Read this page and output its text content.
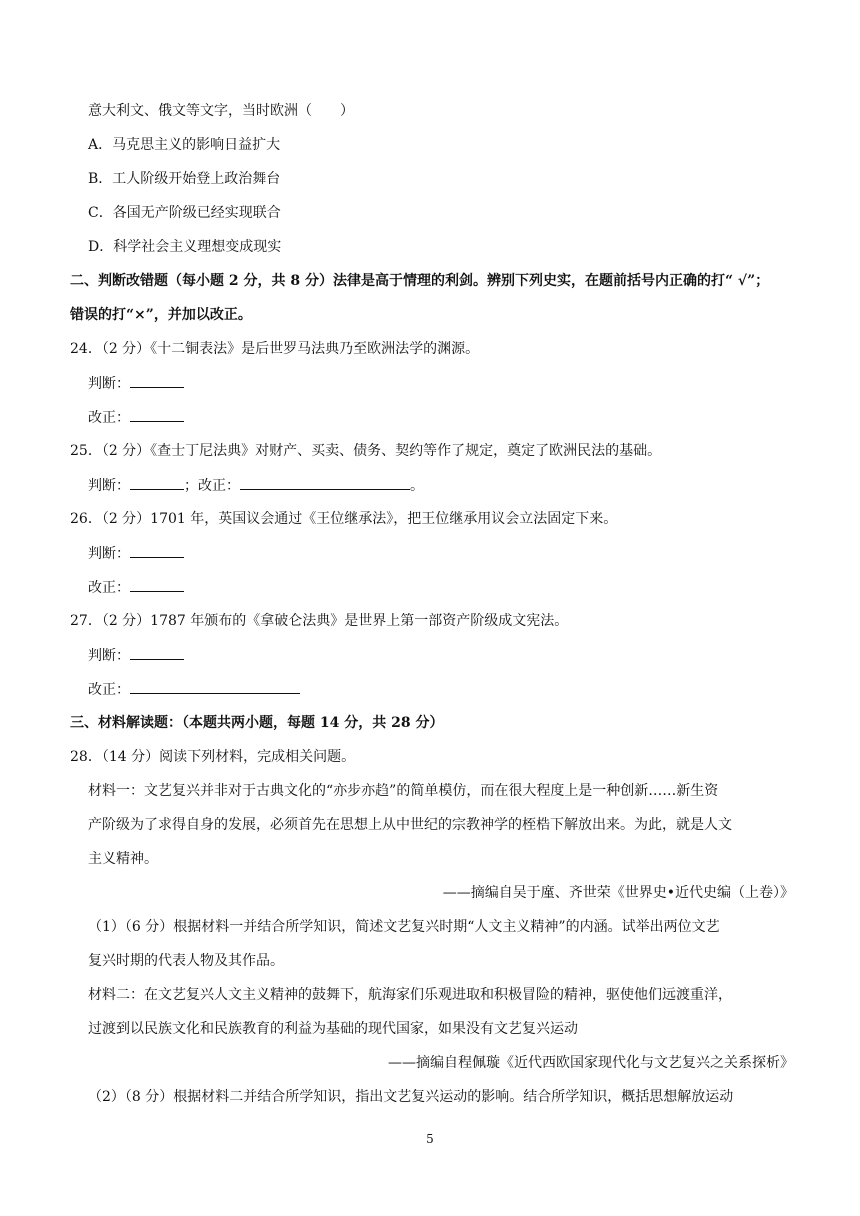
意大利文、俄文等文字，当时欧洲（　　）
A．马克思主义的影响日益扩大
B．工人阶级开始登上政治舞台
C．各国无产阶级已经实现联合
D．科学社会主义理想变成现实
二、判断改错题（每小题 2 分，共 8 分）法律是高于情理的利剑。辨别下列史实，在题前括号内正确的打“ √”；
错误的打“×”，并加以改正。
24．（2 分）《十二铜表法》是后世罗马法典乃至欧洲法学的渊源。
判断：
改正：
25．（2 分）《查士丁尼法典》对财产、买卖、债务、契约等作了规定，奠定了欧洲民法的基础。
判断：	；改正：	。
26．（2 分）1701 年，英国议会通过《王位继承法》，把王位继承用议会立法固定下来。
判断：
改正：
27．（2 分）1787 年颁布的《拿破仑法典》是世界上第一部资产阶级成文宪法。
判断：
改正：
三、材料解读题：（本题共两小题，每题 14 分，共 28 分）
28．（14 分）阅读下列材料，完成相关问题。
材料一：文艺复兴并非对于古典文化的“亦步亦趋”的简单模仿，而在很大程度上是一种创新……新生资
产阶级为了求得自身的发展，必须首先在思想上从中世纪的宗教神学的桎梏下解放出来。为此，就是人文
主义精神。
——摘编自吴于廑、齐世荣《世界史•近代史编（上卷）》
（1）（6 分）根据材料一并结合所学知识，简述文艺复兴时期“人文主义精神”的内涵。试举出两位文艺
复兴时期的代表人物及其作品。
材料二：在文艺复兴人文主义精神的鼓舞下，航海家们乐观进取和积极冒险的精神，驱使他们远渡重洋，
过渡到以民族文化和民族教育的利益为基础的现代国家，如果没有文艺复兴运动
——摘编自程佩璇《近代西欧国家现代化与文艺复兴之关系探析》
（2）（8 分）根据材料二并结合所学知识，指出文艺复兴运动的影响。结合所学知识，概括思想解放运动
5
